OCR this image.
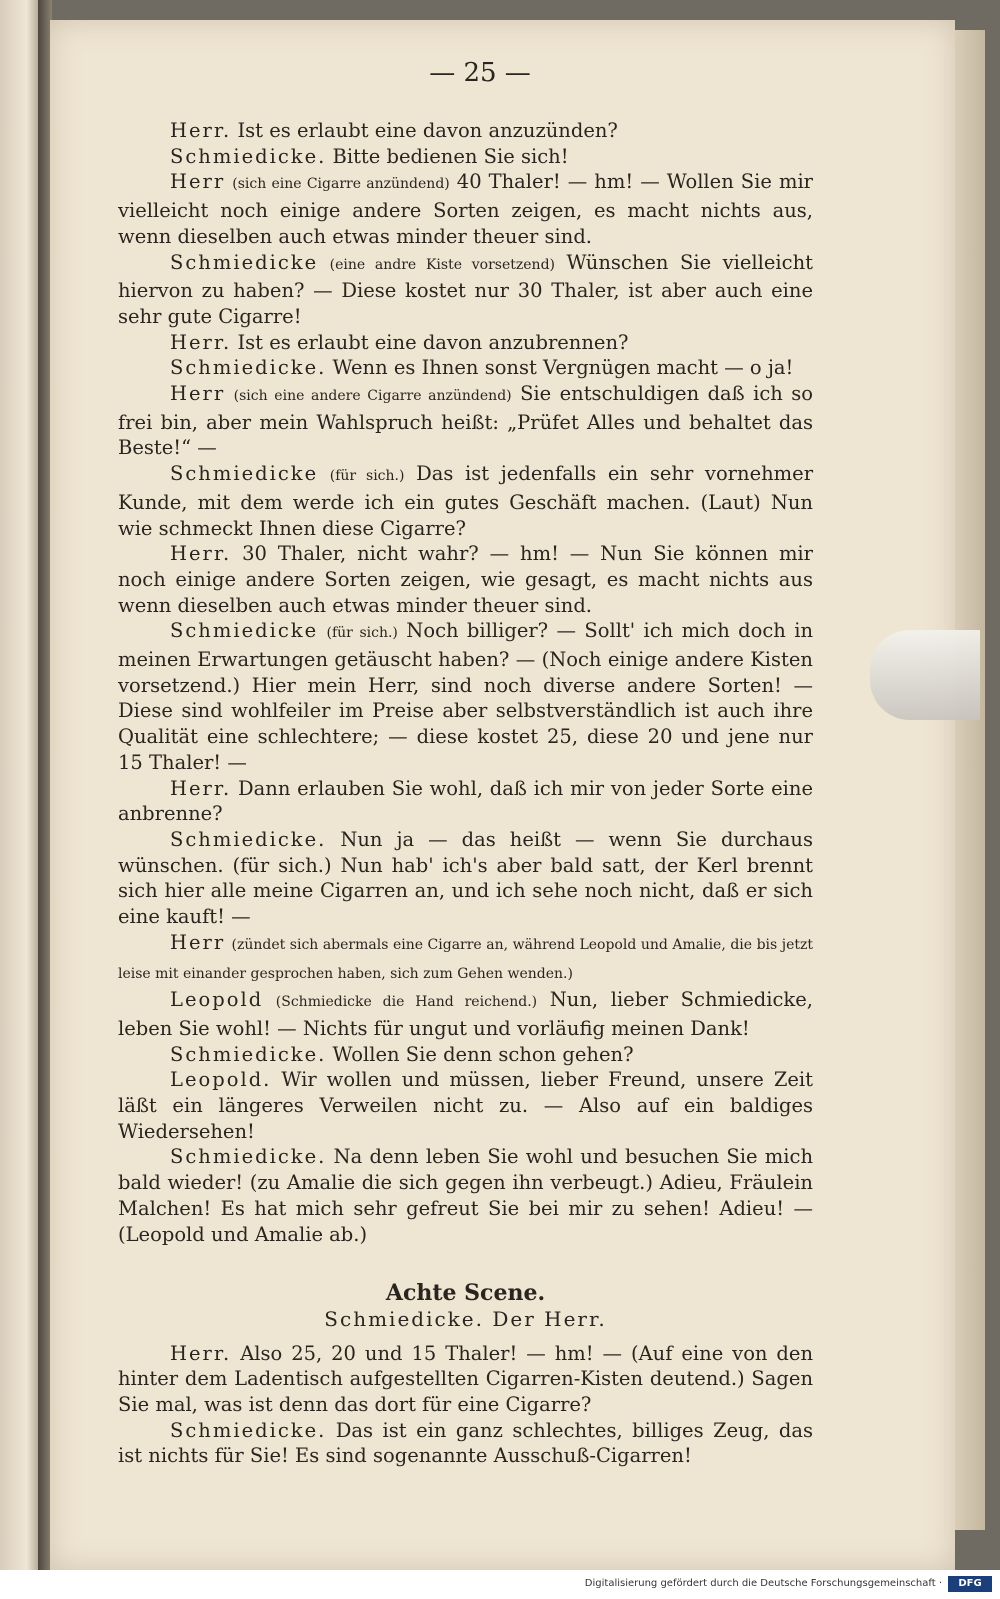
— 25 —

Herr. Ist es erlaubt eine davon anzuzünden?

Schmiedicke. Bitte bedienen Sie sich!

Herr (sich eine Cigarre anzündend) 40 Thaler! — hm! — Wollen Sie mir vielleicht noch einige andere Sorten zeigen, es macht nichts aus, wenn dieselben auch etwas minder theuer sind.

Schmiedicke (eine andre Kiste vorsetzend) Wünschen Sie vielleicht hiervon zu haben? — Diese kostet nur 30 Thaler, ist aber auch eine sehr gute Cigarre!

Herr. Ist es erlaubt eine davon anzubrennen?

Schmiedicke. Wenn es Ihnen sonst Vergnügen macht — o ja!

Herr (sich eine andere Cigarre anzündend) Sie entschuldigen daß ich so frei bin, aber mein Wahlspruch heißt: „Prüfet Alles und behaltet das Beste!“ —

Schmiedicke (für sich.) Das ist jedenfalls ein sehr vornehmer Kunde, mit dem werde ich ein gutes Geschäft machen. (Laut) Nun wie schmeckt Ihnen diese Cigarre?

Herr. 30 Thaler, nicht wahr? — hm! — Nun Sie können mir noch einige andere Sorten zeigen, wie gesagt, es macht nichts aus wenn dieselben auch etwas minder theuer sind.

Schmiedicke (für sich.) Noch billiger? — Sollt' ich mich doch in meinen Erwartungen getäuscht haben? — (Noch einige andere Kisten vorsetzend.) Hier mein Herr, sind noch diverse andere Sorten! — Diese sind wohlfeiler im Preise aber selbstverständlich ist auch ihre Qualität eine schlechtere; — diese kostet 25, diese 20 und jene nur 15 Thaler! —

Herr. Dann erlauben Sie wohl, daß ich mir von jeder Sorte eine anbrenne?

Schmiedicke. Nun ja — das heißt — wenn Sie durchaus wünschen. (für sich.) Nun hab' ich's aber bald satt, der Kerl brennt sich hier alle meine Cigarren an, und ich sehe noch nicht, daß er sich eine kauft! —

Herr (zündet sich abermals eine Cigarre an, während Leopold und Amalie, die bis jetzt leise mit einander gesprochen haben, sich zum Gehen wenden.)

Leopold (Schmiedicke die Hand reichend.) Nun, lieber Schmiedicke, leben Sie wohl! — Nichts für ungut und vorläufig meinen Dank!

Schmiedicke. Wollen Sie denn schon gehen?

Leopold. Wir wollen und müssen, lieber Freund, unsere Zeit läßt ein längeres Verweilen nicht zu. — Also auf ein baldiges Wiedersehen!

Schmiedicke. Na denn leben Sie wohl und besuchen Sie mich bald wieder! (zu Amalie die sich gegen ihn verbeugt.) Adieu, Fräulein Malchen! Es hat mich sehr gefreut Sie bei mir zu sehen! Adieu! — (Leopold und Amalie ab.)

Achte Scene.

Schmiedicke. Der Herr.

Herr. Also 25, 20 und 15 Thaler! — hm! — (Auf eine von den hinter dem Ladentisch aufgestellten Cigarren-Kisten deutend.) Sagen Sie mal, was ist denn das dort für eine Cigarre?

Schmiedicke. Das ist ein ganz schlechtes, billiges Zeug, das ist nichts für Sie! Es sind sogenannte Ausschuß-Cigarren!

Digitalisierung gefördert durch die Deutsche Forschungsgemeinschaft ·	DFG
